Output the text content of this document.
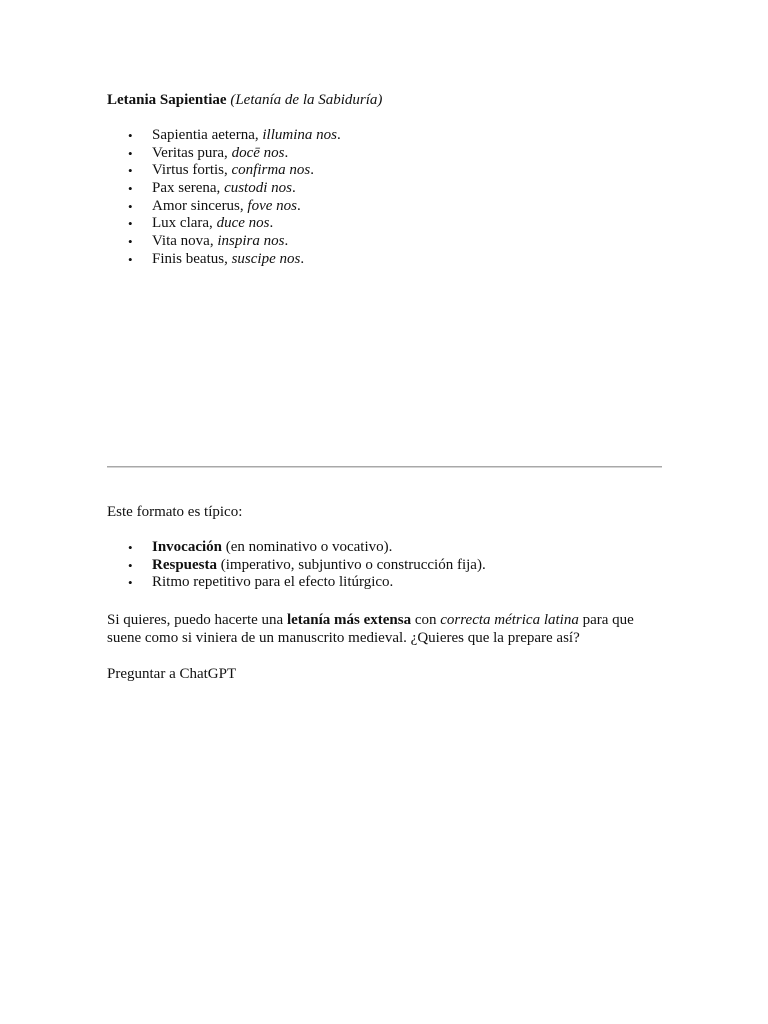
Letania Sapientiae (Letanía de la Sabiduría)
• Sapientia aeterna, illumina nos.
• Veritas pura, docē nos.
• Virtus fortis, confirma nos.
• Pax serena, custodi nos.
• Amor sincerus, fove nos.
• Lux clara, duce nos.
• Vita nova, inspira nos.
• Finis beatus, suscipe nos.
Este formato es típico:
• Invocación (en nominativo o vocativo).
• Respuesta (imperativo, subjuntivo o construcción fija).
• Ritmo repetitivo para el efecto litúrgico.
Si quieres, puedo hacerte una letanía más extensa con correcta métrica latina para que suene como si viniera de un manuscrito medieval. ¿Quieres que la prepare así?
Preguntar a ChatGPT
